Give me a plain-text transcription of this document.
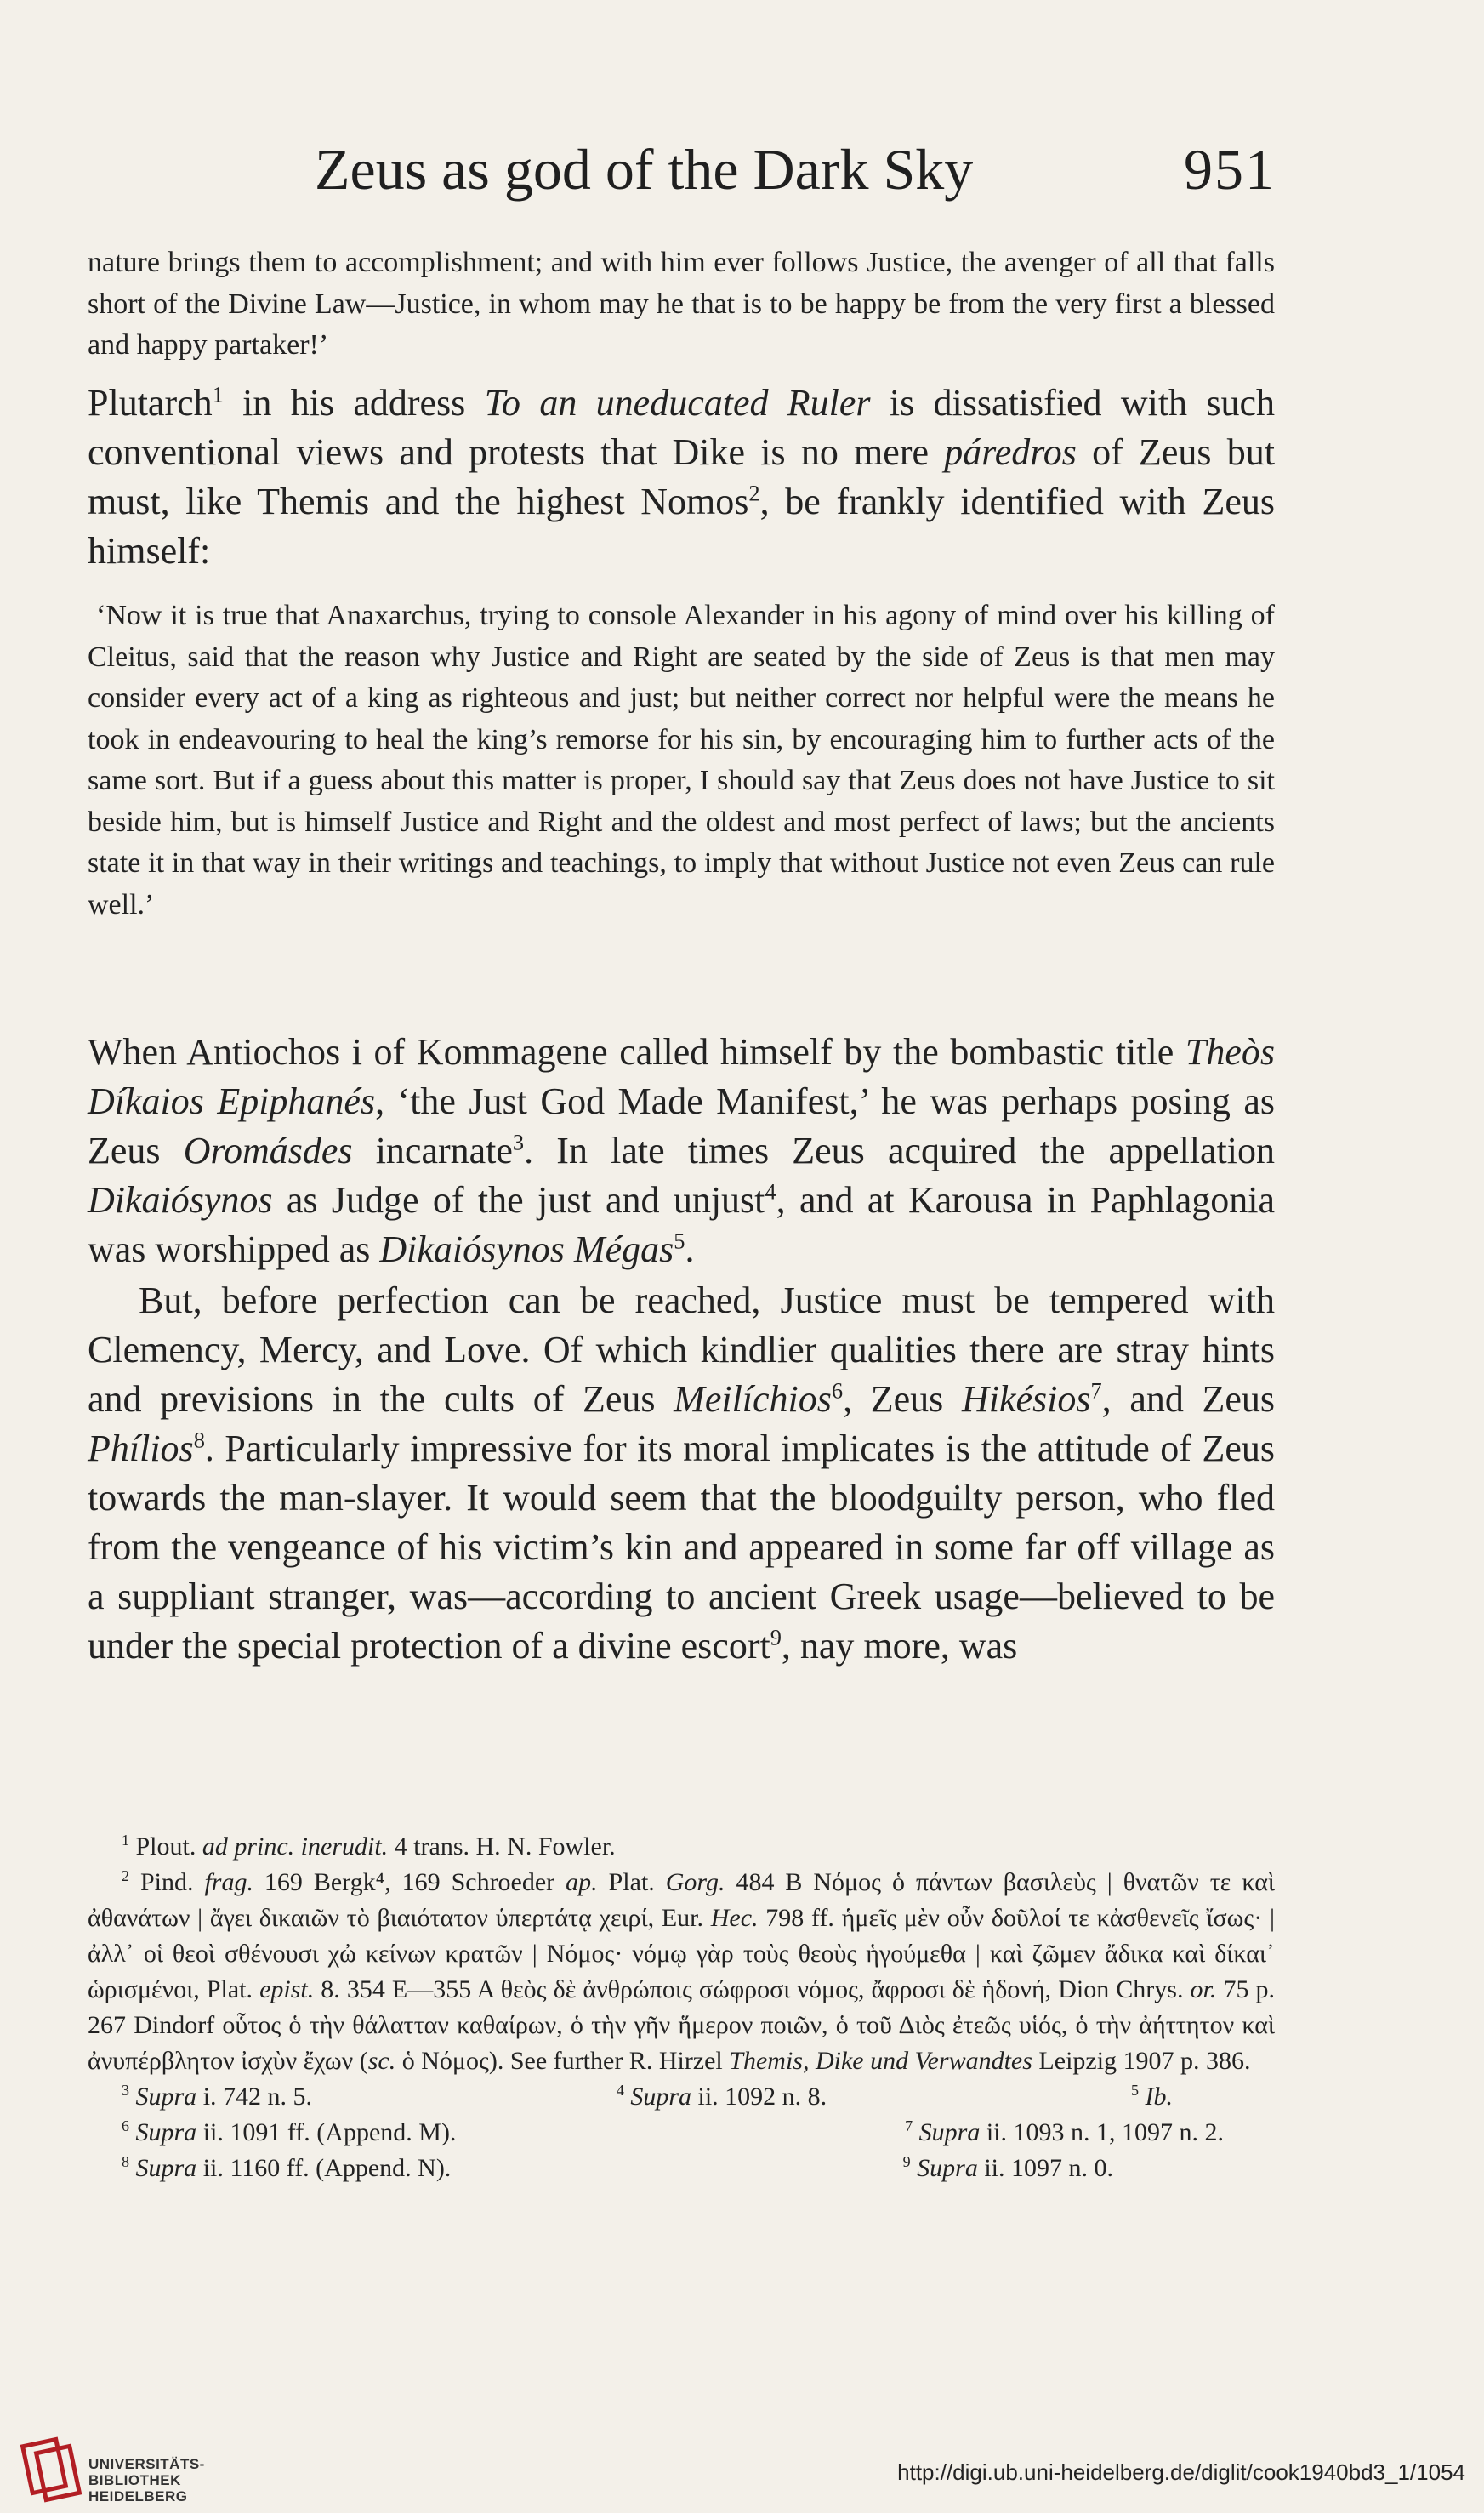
Zeus as god of the Dark Sky	951

nature brings them to accomplishment; and with him ever follows Justice, the avenger of all that falls short of the Divine Law—Justice, in whom may he that is to be happy be from the very first a blessed and happy partaker!’

Plutarch$^1$ in his address To an uneducated Ruler is dissatisfied with such conventional views and protests that Dike is no mere páredros of Zeus but must, like Themis and the highest Nomos$^2$, be frankly identified with Zeus himself:

‘Now it is true that Anaxarchus, trying to console Alexander in his agony of mind over his killing of Cleitus, said that the reason why Justice and Right are seated by the side of Zeus is that men may consider every act of a king as righteous and just; but neither correct nor helpful were the means he took in endeavouring to heal the king’s remorse for his sin, by encouraging him to further acts of the same sort. But if a guess about this matter is proper, I should say that Zeus does not have Justice to sit beside him, but is himself Justice and Right and the oldest and most perfect of laws; but the ancients state it in that way in their writings and teachings, to imply that without Justice not even Zeus can rule well.’

When Antiochos i of Kommagene called himself by the bombastic title Theòs Díkaios Epiphanés, ‘the Just God Made Manifest,’ he was perhaps posing as Zeus Oromásdes incarnate$^3$. In late times Zeus acquired the appellation Dikaiósynos as Judge of the just and unjust$^4$, and at Karousa in Paphlagonia was worshipped as Dikaiósynos Mégas$^5$.

But, before perfection can be reached, Justice must be tempered with Clemency, Mercy, and Love. Of which kindlier qualities there are stray hints and previsions in the cults of Zeus Meilíchios$^6$, Zeus Hikésios$^7$, and Zeus Phílios$^8$. Particularly impressive for its moral implicates is the attitude of Zeus towards the man-slayer. It would seem that the bloodguilty person, who fled from the vengeance of his victim’s kin and appeared in some far off village as a suppliant stranger, was—according to ancient Greek usage—believed to be under the special protection of a divine escort$^9$, nay more, was

$^1$ Plout. ad princ. inerudit. 4 trans. H. N. Fowler.

$^2$ Pind. frag. 169 Bergk⁴, 169 Schroeder ap. Plat. Gorg. 484 B Νόμος ὁ πάντων βασιλεὺς | θνατῶν τε καὶ ἀθανάτων | ἄγει δικαιῶν τὸ βιαιότατον ὑπερτάτᾳ χειρί, Eur. Hec. 798 ff. ἡμεῖς μὲν οὖν δοῦλοί τε κἀσθενεῖς ἴσως· | ἀλλ᾽ οἱ θεοὶ σθένουσι χὠ κείνων κρατῶν | Νόμος· νόμῳ γὰρ τοὺς θεοὺς ἡγούμεθα | καὶ ζῶμεν ἄδικα καὶ δίκαι᾽ ὡρισμένοι, Plat. epist. 8. 354 E—355 A θεὸς δὲ ἀνθρώποις σώφροσι νόμος, ἄφροσι δὲ ἡδονή, Dion Chrys. or. 75 p. 267 Dindorf οὗτος ὁ τὴν θάλατταν καθαίρων, ὁ τὴν γῆν ἥμερον ποιῶν, ὁ τοῦ Διὸς ἐτεῶς υἱός, ὁ τὴν ἀήττητον καὶ ἀνυπέρβλητον ἰσχὺν ἔχων (sc. ὁ Νόμος). See further R. Hirzel Themis, Dike und Verwandtes Leipzig 1907 p. 386.

$^3$ Supra i. 742 n. 5.	$^4$ Supra ii. 1092 n. 8.	$^5$ Ib.
$^6$ Supra ii. 1091 ff. (Append. M).	$^7$ Supra ii. 1093 n. 1, 1097 n. 2.
$^8$ Supra ii. 1160 ff. (Append. N).	$^9$ Supra ii. 1097 n. 0.
UNIVERSITÄTS-
BIBLIOTHEK
HEIDELBERG
http://digi.ub.uni-heidelberg.de/diglit/cook1940bd3_1/1054
